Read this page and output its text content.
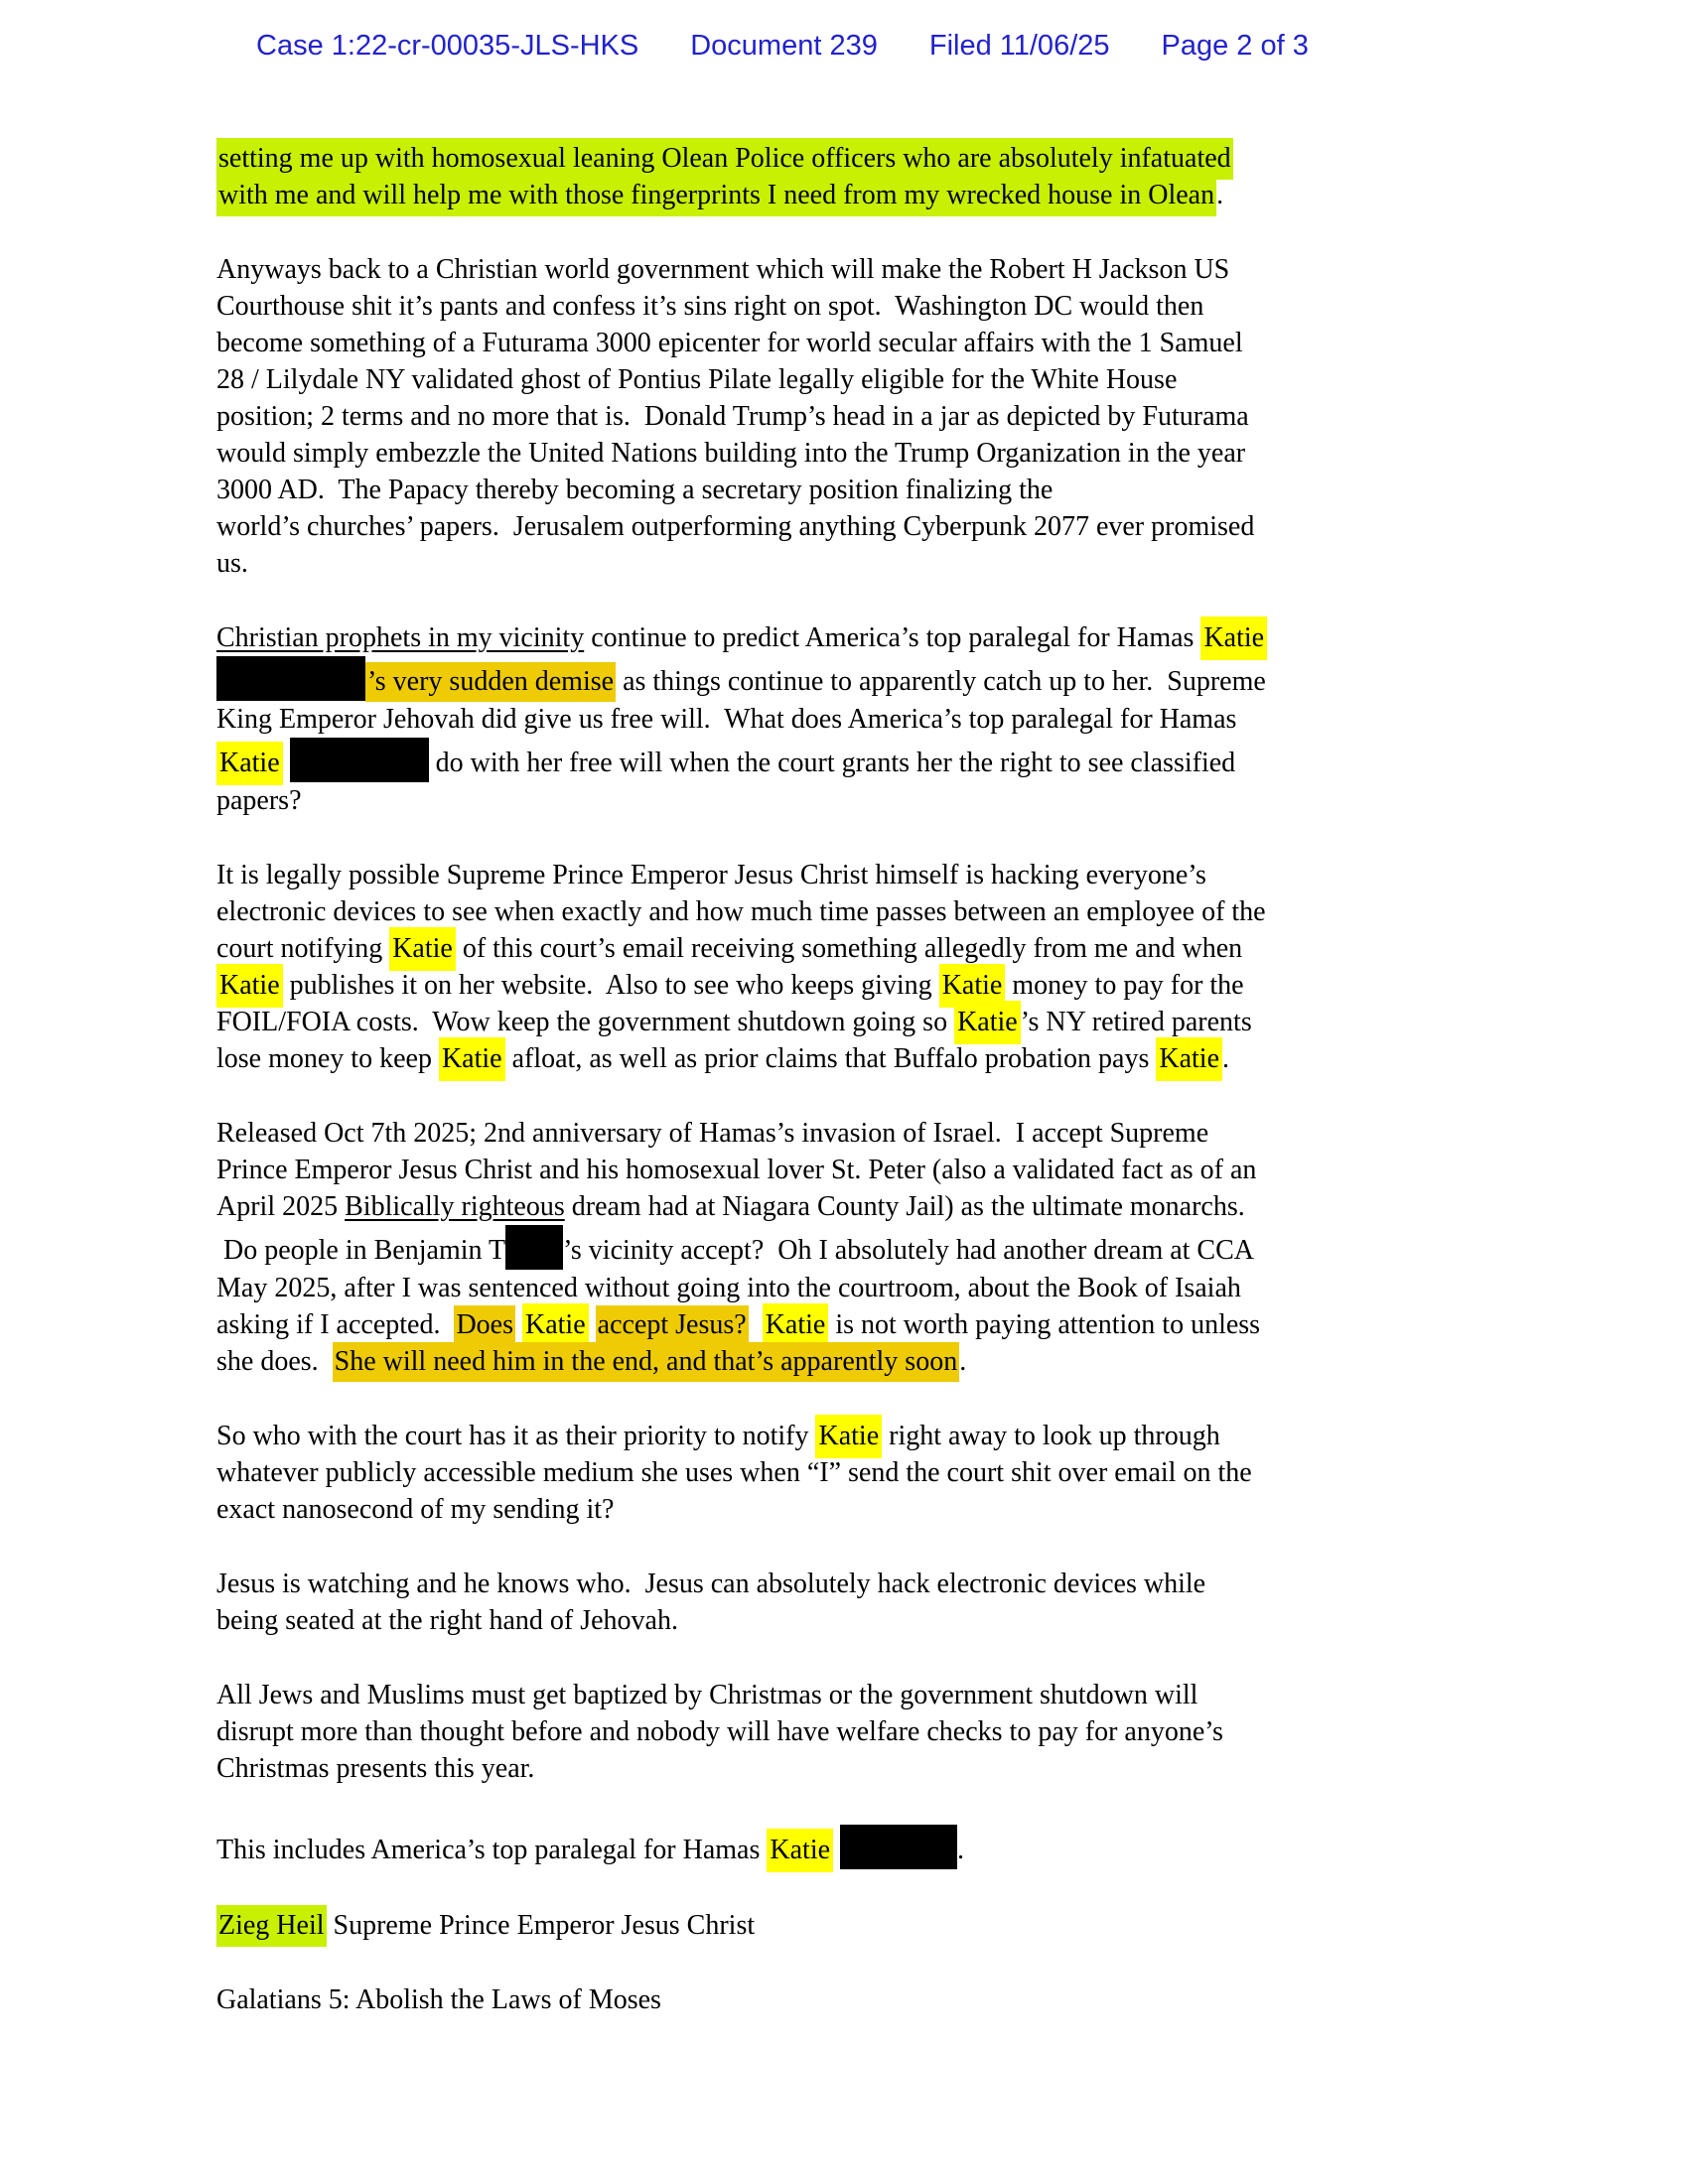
Case 1:22-cr-00035-JLS-HKS Document 239 Filed 11/06/25 Page 2 of 3

setting me up with homosexual leaning Olean Police officers who are absolutely infatuated
with me and will help me with those fingerprints I need from my wrecked house in Olean.

Anyways back to a Christian world government which will make the Robert H Jackson US
Courthouse shit it’s pants and confess it’s sins right on spot.  Washington DC would then
become something of a Futurama 3000 epicenter for world secular affairs with the 1 Samuel
28 / Lilydale NY validated ghost of Pontius Pilate legally eligible for the White House
position; 2 terms and no more that is.  Donald Trump’s head in a jar as depicted by Futurama
would simply embezzle the United Nations building into the Trump Organization in the year
3000 AD.  The Papacy thereby becoming a secretary position finalizing the
world’s churches’ papers.  Jerusalem outperforming anything Cyberpunk 2077 ever promised
us.

Christian prophets in my vicinity continue to predict America’s top paralegal for Hamas Katie
’s very sudden demise as things continue to apparently catch up to her.  Supreme
King Emperor Jehovah did give us free will.  What does America’s top paralegal for Hamas
Katie	do with her free will when the court grants her the right to see classified
papers?

It is legally possible Supreme Prince Emperor Jesus Christ himself is hacking everyone’s
electronic devices to see when exactly and how much time passes between an employee of the
court notifying Katie of this court’s email receiving something allegedly from me and when
Katie publishes it on her website.  Also to see who keeps giving Katie money to pay for the
FOIL/FOIA costs.  Wow keep the government shutdown going so Katie ’s NY retired parents
lose money to keep Katie afloat, as well as prior claims that Buffalo probation pays Katie .

Released Oct 7th 2025; 2nd anniversary of Hamas’s invasion of Israel.  I accept Supreme
Prince Emperor Jesus Christ and his homosexual lover St. Peter (also a validated fact as of an
April 2025 Biblically righteous dream had at Niagara County Jail) as the ultimate monarchs.
Do people in Benjamin T ’s vicinity accept?  Oh I absolutely had another dream at CCA
May 2025, after I was sentenced without going into the courtroom, about the Book of Isaiah
asking if I accepted.  Does Katie accept Jesus? Katie is not worth paying attention to unless
she does.  She will need him in the end, and that’s apparently soon.

So who with the court has it as their priority to notify Katie right away to look up through
whatever publicly accessible medium she uses when “I” send the court shit over email on the
exact nanosecond of my sending it?

Jesus is watching and he knows who.  Jesus can absolutely hack electronic devices while
being seated at the right hand of Jehovah.

All Jews and Muslims must get baptized by Christmas or the government shutdown will
disrupt more than thought before and nobody will have welfare checks to pay for anyone’s
Christmas presents this year.

This includes America’s top paralegal for Hamas Katie	.

Zieg Heil Supreme Prince Emperor Jesus Christ

Galatians 5: Abolish the Laws of Moses
